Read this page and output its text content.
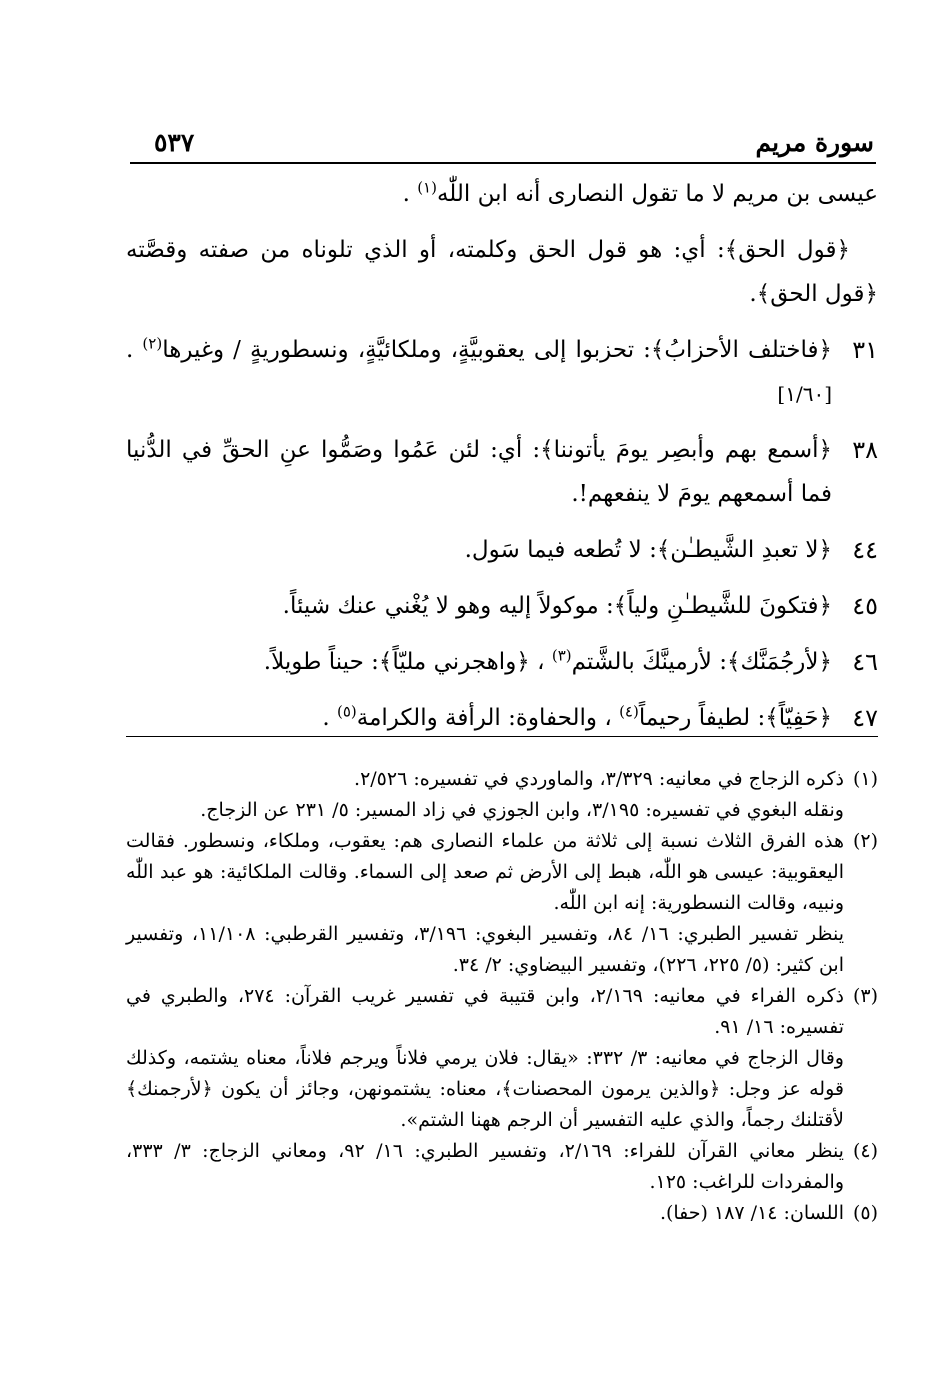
سورة مريم
٥٣٧
عيسى بن مريم لا ما تقول النصارى أنه ابن اللّٰه$^{(١)}$ .
﴿قول الحق﴾: أي: هو قول الحق وكلمته، أو الذي تلوناه من صفته وقصَّته ﴿قول الحق﴾.
٣١
﴿فاختلف الأحزابُ﴾: تحزبوا إلى يعقوبيَّةٍ، وملكائيَّةٍ، ونسطوريةٍ / وغيرها$^{(٢)}$ . [١/٦٠]
٣٨
﴿أسمع بهم وأبصِر يومَ يأتوننا﴾: أي: لئن عَمُوا وصَمُّوا عنِ الحقِّ في الدُّنيا فما أسمعهم يومَ لا ينفعهم!.
٤٤
﴿لا تعبدِ الشَّيطـٰن﴾: لا تُطعه فيما سَول.
٤٥
﴿فتكونَ للشَّيطـٰنِ ولياً﴾: موكولاً إليه وهو لا يُغْني عنك شيئاً.
٤٦
﴿لأرجُمَنَّك﴾: لأرمينَّكَ بالشَّتم$^{(٣)}$ ، ﴿واهجرني مليّاً﴾: حيناً طويلاً.
٤٧
﴿حَفِيّاً﴾: لطيفاً رحيماً$^{(٤)}$ ، والحفاوة: الرأفة والكرامة$^{(٥)}$ .
(١)
ذكره الزجاج في معانيه: ٣/٣٢٩، والماوردي في تفسيره: ٢/٥٢٦.
ونقله البغوي في تفسيره: ٣/١٩٥، وابن الجوزي في زاد المسير: ٥/ ٢٣١ عن الزجاج.
(٢)
هذه الفرق الثلاث نسبة إلى ثلاثة من علماء النصارى هم: يعقوب، وملكاء، ونسطور. فقالت اليعقوبية: عيسى هو اللّٰه، هبط إلى الأرض ثم صعد إلى السماء. وقالت الملكائية: هو عبد اللّٰه ونبيه، وقالت النسطورية: إنه ابن اللّٰه.
ينظر تفسير الطبري: ١٦/ ٨٤، وتفسير البغوي: ٣/١٩٦، وتفسير القرطبي: ١١/١٠٨، وتفسير ابن كثير: (٥/ ٢٢٥، ٢٢٦)، وتفسير البيضاوي: ٢/ ٣٤.
(٣)
ذكره الفراء في معانيه: ٢/١٦٩، وابن قتيبة في تفسير غريب القرآن: ٢٧٤، والطبري في تفسيره: ١٦/ ٩١.
وقال الزجاج في معانيه: ٣/ ٣٣٢: «يقال: فلان يرمي فلاناً ويرجم فلاناً، معناه يشتمه، وكذلك قوله عز وجل: ﴿والذين يرمون المحصنات﴾، معناه: يشتمونهن، وجائز أن يكون ﴿لأرجمنك﴾ لأقتلنك رجماً، والذي عليه التفسير أن الرجم ههنا الشتم».
(٤)
ينظر معاني القرآن للفراء: ٢/١٦٩، وتفسير الطبري: ١٦/ ٩٢، ومعاني الزجاج: ٣/ ٣٣٣، والمفردات للراغب: ١٢٥.
(٥)
اللسان: ١٤/ ١٨٧ (حفا).
